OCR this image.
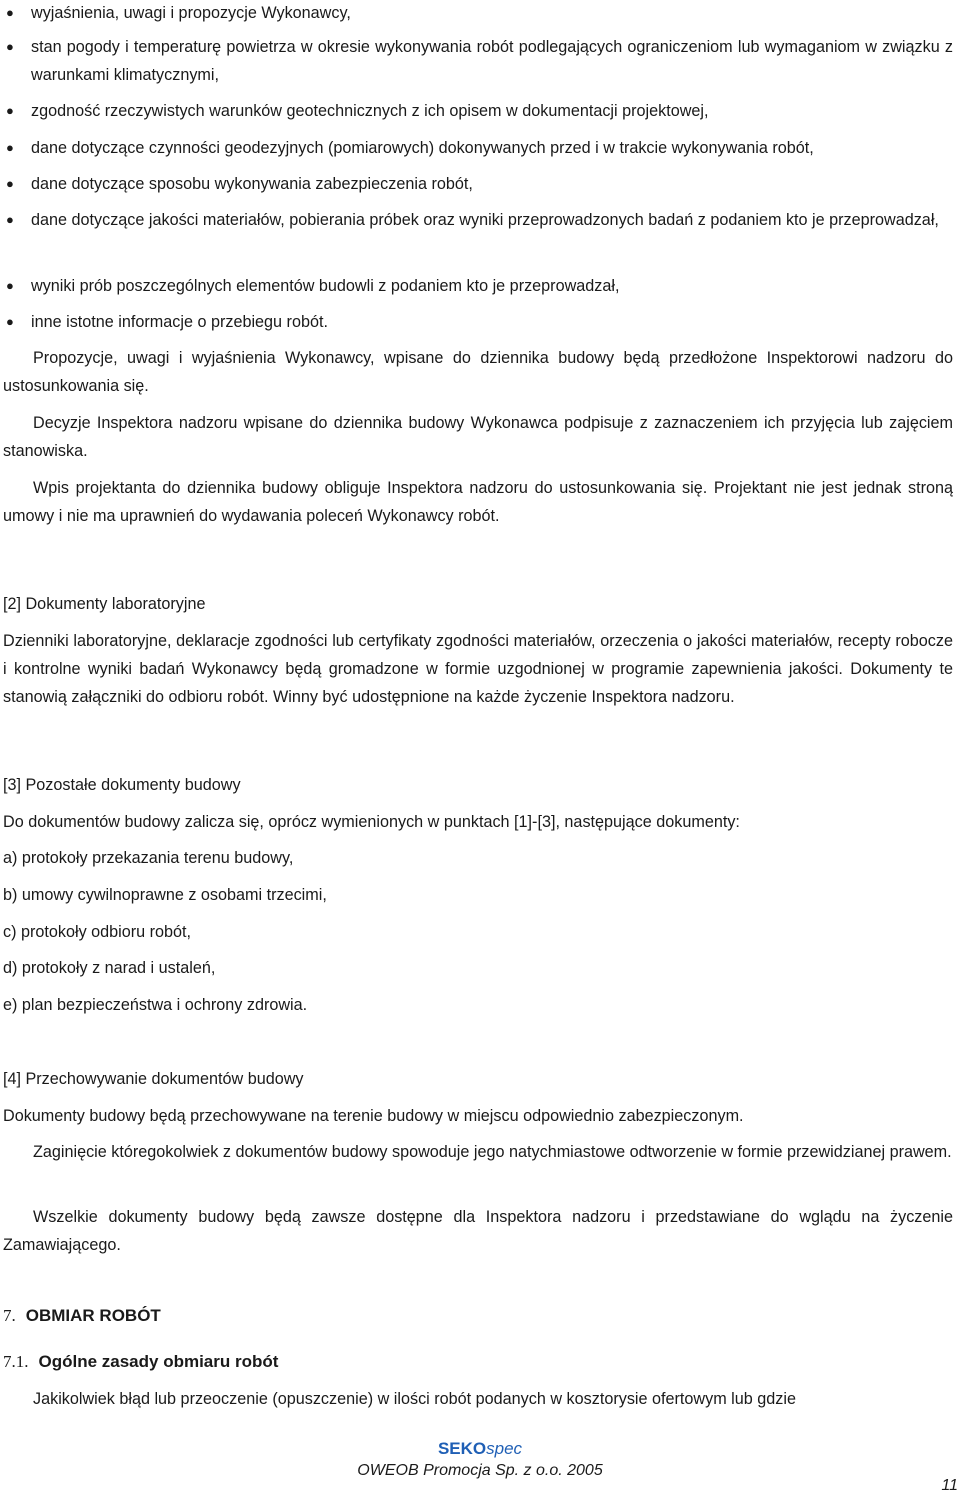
● wyjaśnienia, uwagi i propozycje Wykonawcy,
● stan pogody i temperaturę powietrza w okresie wykonywania robót podlegających ograniczeniom lub wymaganiom w związku z warunkami klimatycznymi,
● zgodność rzeczywistych warunków geotechnicznych z ich opisem w dokumentacji projektowej,
● dane dotyczące czynności geodezyjnych (pomiarowych) dokonywanych przed i w trakcie wykonywania robót,
● dane dotyczące sposobu wykonywania zabezpieczenia robót,
● dane dotyczące jakości materiałów, pobierania próbek oraz wyniki przeprowadzonych badań z podaniem kto je przeprowadzał,
● wyniki prób poszczególnych elementów budowli z podaniem kto je przeprowadzał,
● inne istotne informacje o przebiegu robót.

Propozycje, uwagi i wyjaśnienia Wykonawcy, wpisane do dziennika budowy będą przedłożone Inspektorowi nadzoru do ustosunkowania się.

Decyzje Inspektora nadzoru wpisane do dziennika budowy Wykonawca podpisuje z zaznaczeniem ich przyjęcia lub zajęciem stanowiska.

Wpis projektanta do dziennika budowy obliguje Inspektora nadzoru do ustosunkowania się. Projektant nie jest jednak stroną umowy i nie ma uprawnień do wydawania poleceń Wykonawcy robót.

[2] Dokumenty laboratoryjne

Dzienniki laboratoryjne, deklaracje zgodności lub certyfikaty zgodności materiałów, orzeczenia o jakości materiałów, recepty robocze i kontrolne wyniki badań Wykonawcy będą gromadzone w formie uzgodnionej w programie zapewnienia jakości. Dokumenty te stanowią załączniki do odbioru robót. Winny być udostępnione na każde życzenie Inspektora nadzoru.

[3] Pozostałe dokumenty budowy

Do dokumentów budowy zalicza się, oprócz wymienionych w punktach [1]-[3], następujące dokumenty:

a) protokoły przekazania terenu budowy,

b) umowy cywilnoprawne z osobami trzecimi,

c) protokoły odbioru robót,

d) protokoły z narad i ustaleń,

e) plan bezpieczeństwa i ochrony zdrowia.

[4] Przechowywanie dokumentów budowy

Dokumenty budowy będą przechowywane na terenie budowy w miejscu odpowiednio zabezpieczonym.

Zaginięcie któregokolwiek z dokumentów budowy spowoduje jego natychmiastowe odtworzenie w formie przewidzianej prawem.

Wszelkie dokumenty budowy będą zawsze dostępne dla Inspektora nadzoru i przedstawiane do wglądu na życzenie Zamawiającego.

7. OBMIAR ROBÓT

7.1. Ogólne zasady obmiaru robót

Jakikolwiek błąd lub przeoczenie (opuszczenie) w ilości robót podanych w kosztorysie ofertowym lub gdzie

SEKOspec
OWEOB Promocja Sp. z o.o. 2005
11
